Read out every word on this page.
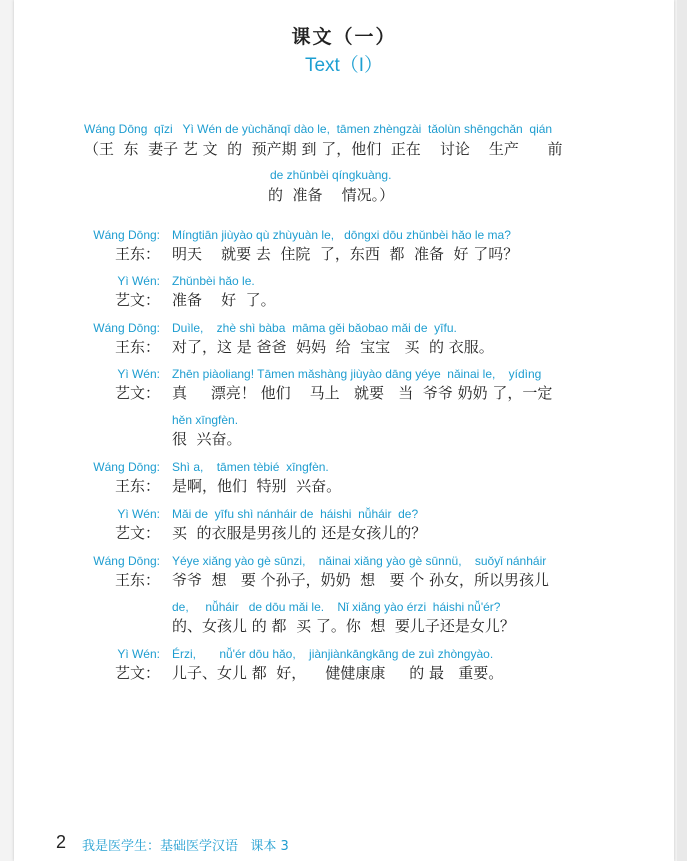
课文（一）
Text（I）
Wáng Dōng  qīzi   Yì Wén de yùchǎnqī dào le,  tāmen zhèngzài  tǎolùn shēngchǎn  qián
（王  东  妻子 艺 文  的  预产期 到 了，他们  正在    讨论    生产      前
de zhǔnbèi qíngkuàng.
的  准备    情况。）
Wáng Dōng: Míngtiān jiùyào qù zhùyuàn le,   dōngxi dōu zhǔnbèi hǎo le ma?
王东： 明天    就要 去  住院  了，东西  都  准备  好 了吗？
Yì Wén: Zhǔnbèi hǎo le.
艺文： 准备    好  了。
Wáng Dōng: Duìle,    zhè shì bàba  māma gěi bǎobao mǎi de  yīfu.
王东： 对了，这 是 爸爸  妈妈  给  宝宝   买  的 衣服。
Yì Wén: Zhēn piàoliang! Tāmen mǎshàng jiùyào dāng yéye  nǎinai le,    yídìng
艺文： 真     漂亮！ 他们    马上   就要   当  爷爷 奶奶 了，一定
hěn xīngfèn.
很  兴奋。
Wáng Dōng: Shì a,    tāmen tèbié  xīngfèn.
王东： 是啊，他们  特别  兴奋。
Yì Wén: Mǎi de  yīfu shì nánháir de  háishi  nǚháir  de?
艺文： 买  的衣服是男孩儿的 还是女孩儿的？
Wáng Dōng: Yéye xiǎng yào gè sūnzi,    nǎinai xiǎng yào gè sūnnü,    suǒyǐ nánháir
王东： 爷爷  想   要 个孙子，奶奶  想   要 个 孙女，所以男孩儿
de,     nǚháir   de dōu mǎi le.    Nǐ xiǎng yào érzi  háishi nǚ'ér?
的、女孩儿 的 都  买 了。你  想  要儿子还是女儿？
Yì Wén: Érzi,       nǚ'ér dōu hǎo,    jiànjiànkāngkāng de zuì zhòngyào.
艺文： 儿子、女儿 都  好，    健健康康     的 最   重要。
2 我是医学生：基础医学汉语   课本 3
